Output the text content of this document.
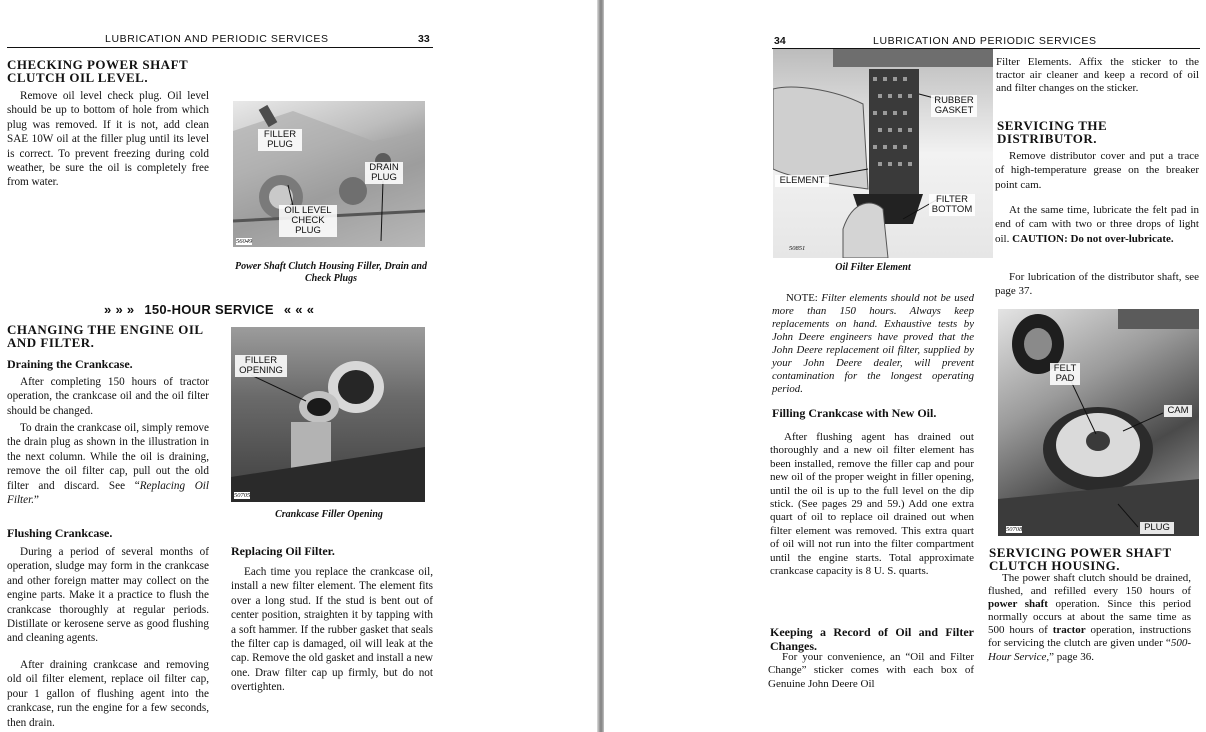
LUBRICATION AND PERIODIC SERVICES	33
CHECKING POWER SHAFT CLUTCH OIL LEVEL.
Remove oil level check plug. Oil level should be up to bottom of hole from which plug was removed. If it is not, add clean SAE 10W oil at the filler plug until its level is correct. To prevent freezing during cold weather, be sure the oil is completely free from water.
FILLER PLUG
DRAIN PLUG
OIL LEVEL CHECK PLUG
56049
Power Shaft Clutch Housing Filler, Drain and Check Plugs
» » » 150-HOUR SERVICE « « «
CHANGING THE ENGINE OIL AND FILTER.
Draining the Crankcase.
After completing 150 hours of tractor operation, the crankcase oil and the oil filter should be changed.
To drain the crankcase oil, simply remove the drain plug as shown in the illustration in the next column. While the oil is draining, remove the oil filter cap, pull out the old filter and discard. See “Replacing Oil Filter.”
Flushing Crankcase.
During a period of several months of operation, sludge may form in the crankcase and other foreign matter may collect on the engine parts. Make it a practice to flush the crankcase thoroughly at regular periods. Distillate or kerosene serve as good flushing and cleaning agents.
After draining crankcase and removing old oil filter element, replace oil filter cap, pour 1 gallon of flushing agent into the crankcase, run the engine for a few seconds, then drain.
FILLER OPENING
50705
Crankcase Filler Opening
Replacing Oil Filter.
Each time you replace the crankcase oil, install a new filter element. The element fits over a long stud. If the stud is bent out of center position, straighten it by tapping with a soft hammer. If the rubber gasket that seals the filter cap is damaged, oil will leak at the cap. Remove the old gasket and install a new one. Draw filter cap up firmly, but do not overtighten.
34	LUBRICATION AND PERIODIC SERVICES
RUBBER GASKET
ELEMENT
FILTER BOTTOM
50851
Oil Filter Element
NOTE: Filter elements should not be used more than 150 hours. Always keep replacements on hand. Exhaustive tests by John Deere engineers have proved that the John Deere replacement oil filter, supplied by your John Deere dealer, will prevent contamination for the longest operating period.
Filling Crankcase with New Oil.
After flushing agent has drained out thoroughly and a new oil filter element has been installed, remove the filler cap and pour new oil of the proper weight in filler opening, until the oil is up to the full level on the dip stick. (See pages 29 and 59.) Add one extra quart of oil to replace oil drained out when filter element was removed. This extra quart of oil will not run into the filter compartment until the engine starts. Total approximate crankcase capacity is 8 U. S. quarts.
Keeping a Record of Oil and Filter Changes.
For your convenience, an “Oil and Filter Change” sticker comes with each box of Genuine John Deere Oil
Filter Elements. Affix the sticker to the tractor air cleaner and keep a record of oil and filter changes on the sticker.
SERVICING THE DISTRIBUTOR.
Remove distributor cover and put a trace of high-temperature grease on the breaker point cam.
At the same time, lubricate the felt pad in end of cam with two or three drops of light oil. CAUTION: Do not over-lubricate.
For lubrication of the distributor shaft, see page 37.
FELT PAD
CAM
PLUG
50708
SERVICING POWER SHAFT CLUTCH HOUSING.
The power shaft clutch should be drained, flushed, and refilled every 150 hours of power shaft operation. Since this period normally occurs at about the same time as 500 hours of tractor operation, instructions for servicing the clutch are given under “500-Hour Service,” page 36.
